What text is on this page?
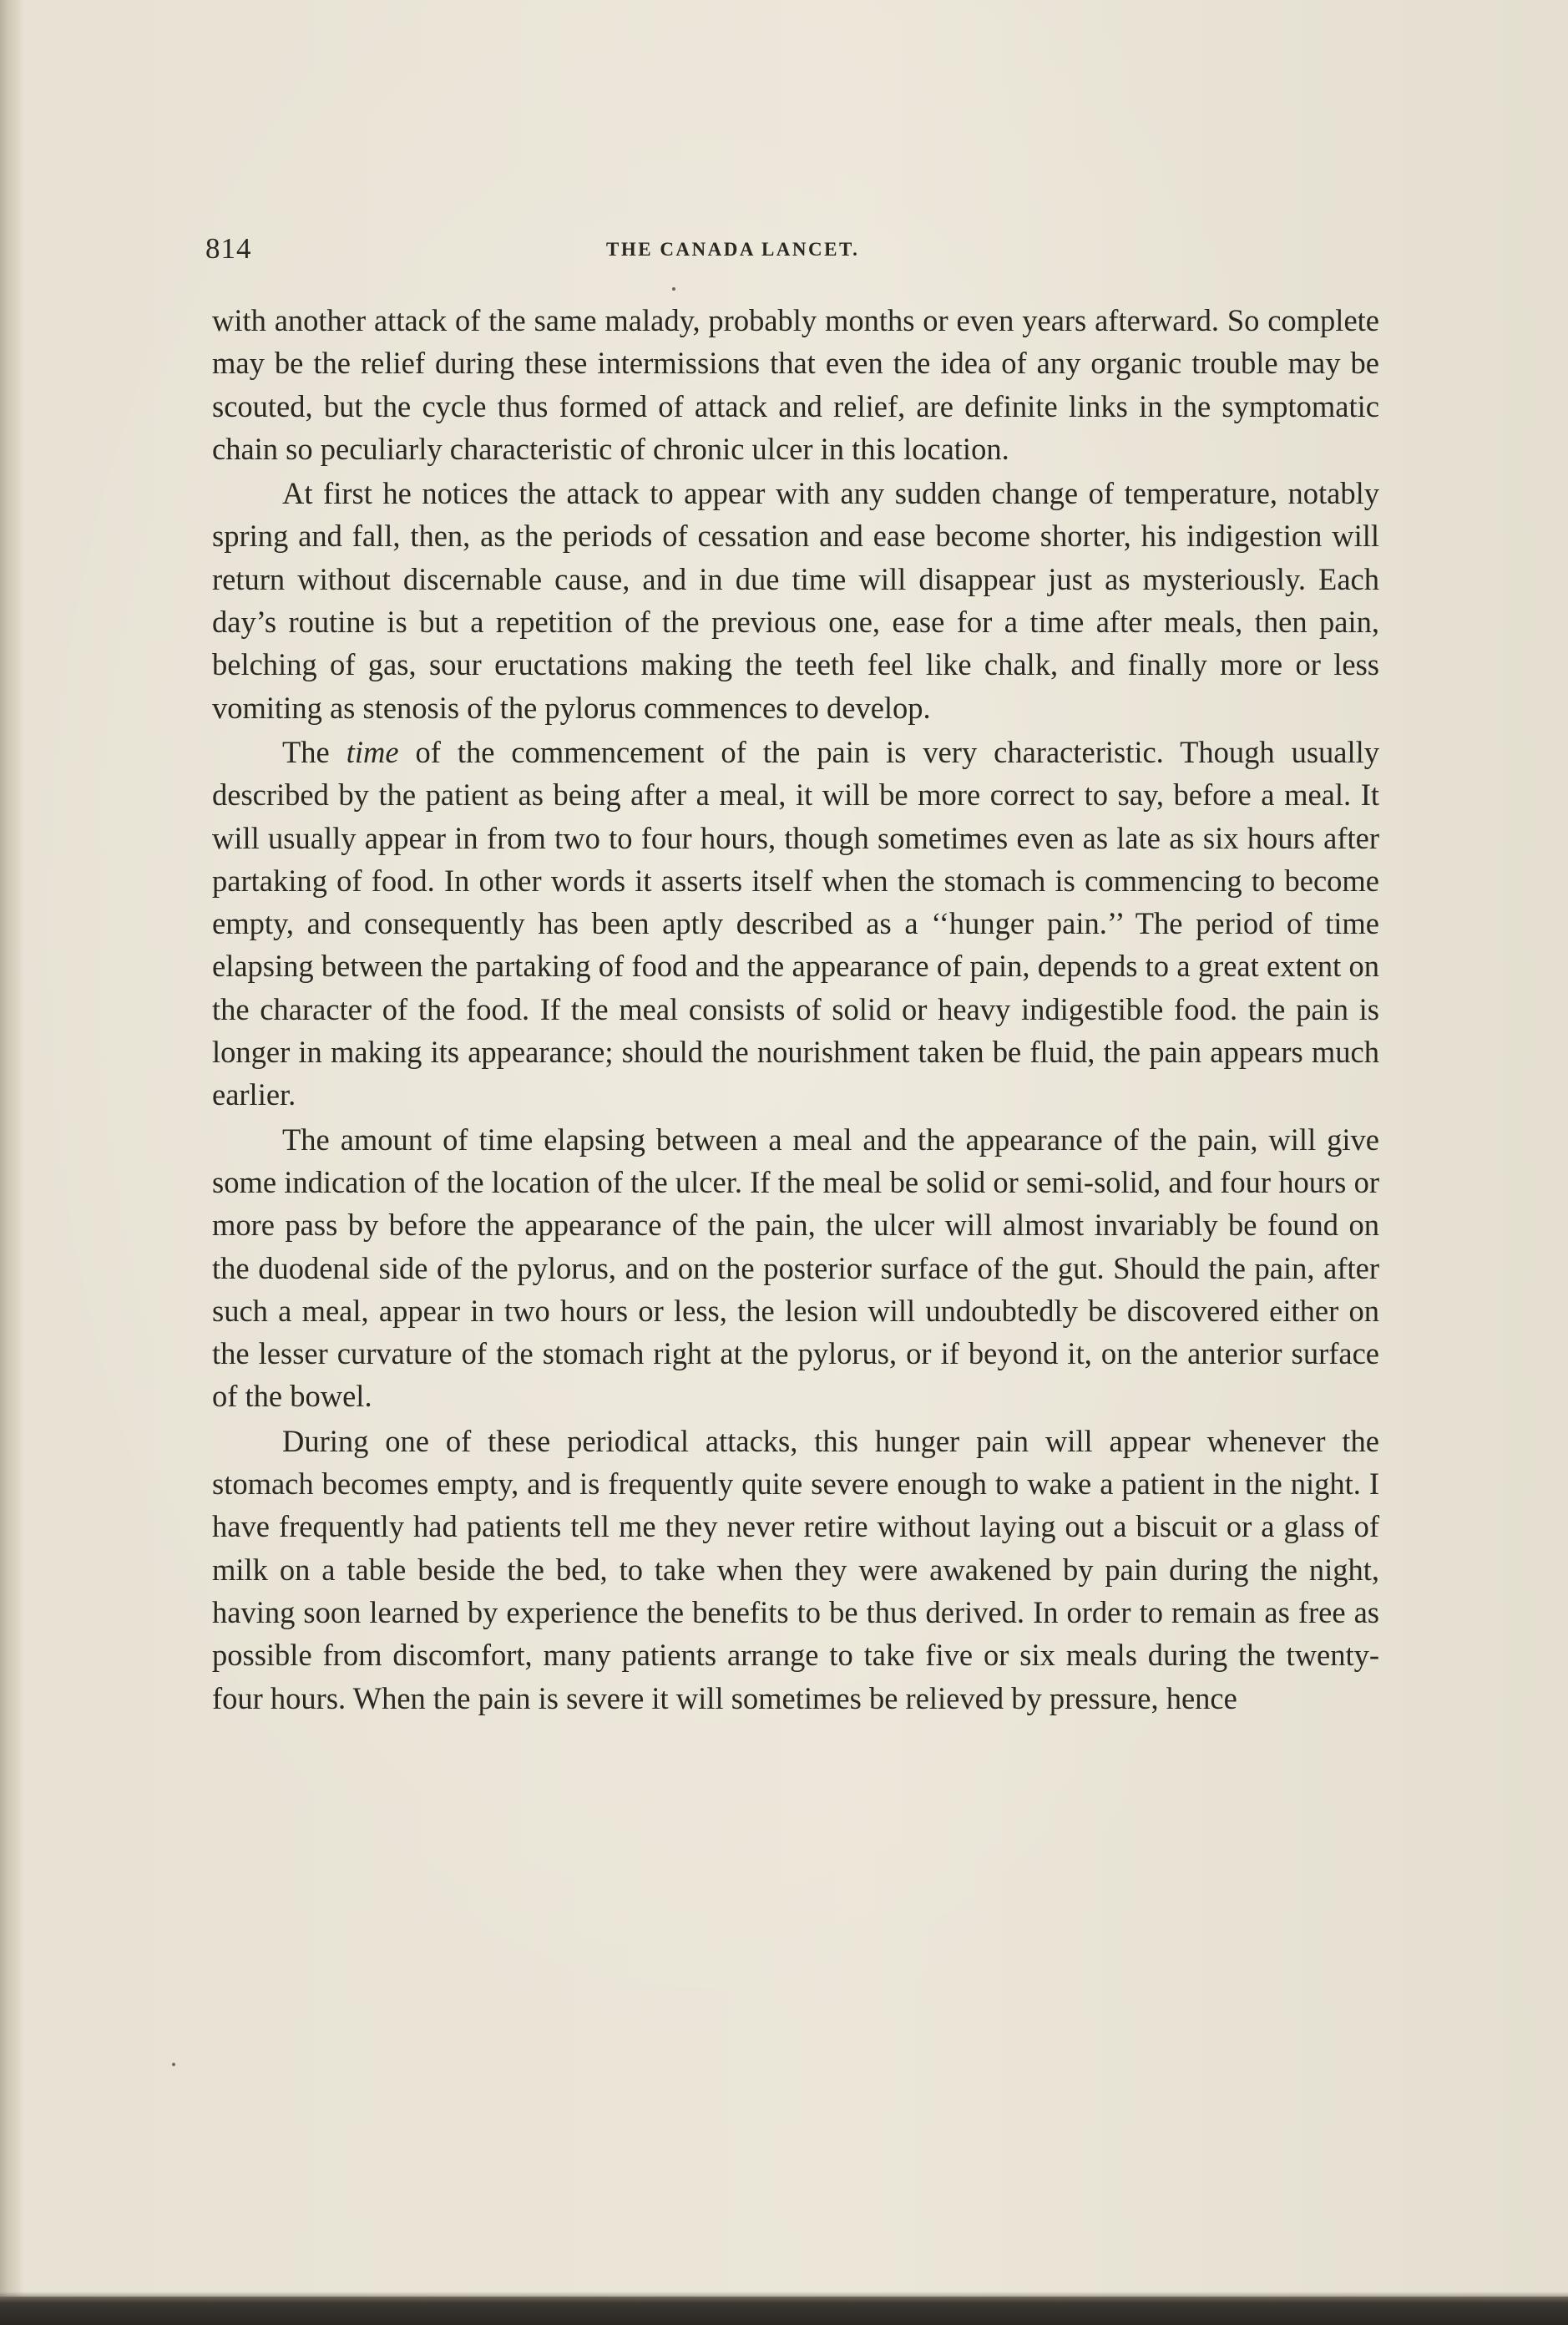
814	THE CANADA LANCET.

with another attack of the same malady, probably months or even years afterward. So complete may be the relief during these intermissions that even the idea of any organic trouble may be scouted, but the cycle thus formed of attack and relief, are definite links in the symptomatic chain so peculiarly characteristic of chronic ulcer in this location.

At first he notices the attack to appear with any sudden change of temperature, notably spring and fall, then, as the periods of cessation and ease become shorter, his indigestion will return without discernable cause, and in due time will disappear just as mysteriously. Each day’s routine is but a repetition of the previous one, ease for a time after meals, then pain, belching of gas, sour eructations making the teeth feel like chalk, and finally more or less vomiting as stenosis of the pylorus commences to develop.

The time of the commencement of the pain is very characteristic. Though usually described by the patient as being after a meal, it will be more correct to say, before a meal. It will usually appear in from two to four hours, though sometimes even as late as six hours after partaking of food. In other words it asserts itself when the stomach is commencing to become empty, and consequently has been aptly described as a ‘‘hunger pain.’’ The period of time elapsing between the partaking of food and the appearance of pain, depends to a great extent on the character of the food. If the meal consists of solid or heavy indigestible food. the pain is longer in making its appearance; should the nourishment taken be fluid, the pain appears much earlier.

The amount of time elapsing between a meal and the appearance of the pain, will give some indication of the location of the ulcer. If the meal be solid or semi-solid, and four hours or more pass by before the appearance of the pain, the ulcer will almost invariably be found on the duodenal side of the pylorus, and on the posterior surface of the gut. Should the pain, after such a meal, appear in two hours or less, the lesion will undoubtedly be discovered either on the lesser curvature of the stomach right at the pylorus, or if beyond it, on the anterior surface of the bowel.

During one of these periodical attacks, this hunger pain will appear whenever the stomach becomes empty, and is frequently quite severe enough to wake a patient in the night. I have frequently had patients tell me they never retire without laying out a biscuit or a glass of milk on a table beside the bed, to take when they were awakened by pain during the night, having soon learned by experience the benefits to be thus derived. In order to remain as free as possible from discomfort, many patients arrange to take five or six meals during the twenty-four hours. When the pain is severe it will sometimes be relieved by pressure, hence
